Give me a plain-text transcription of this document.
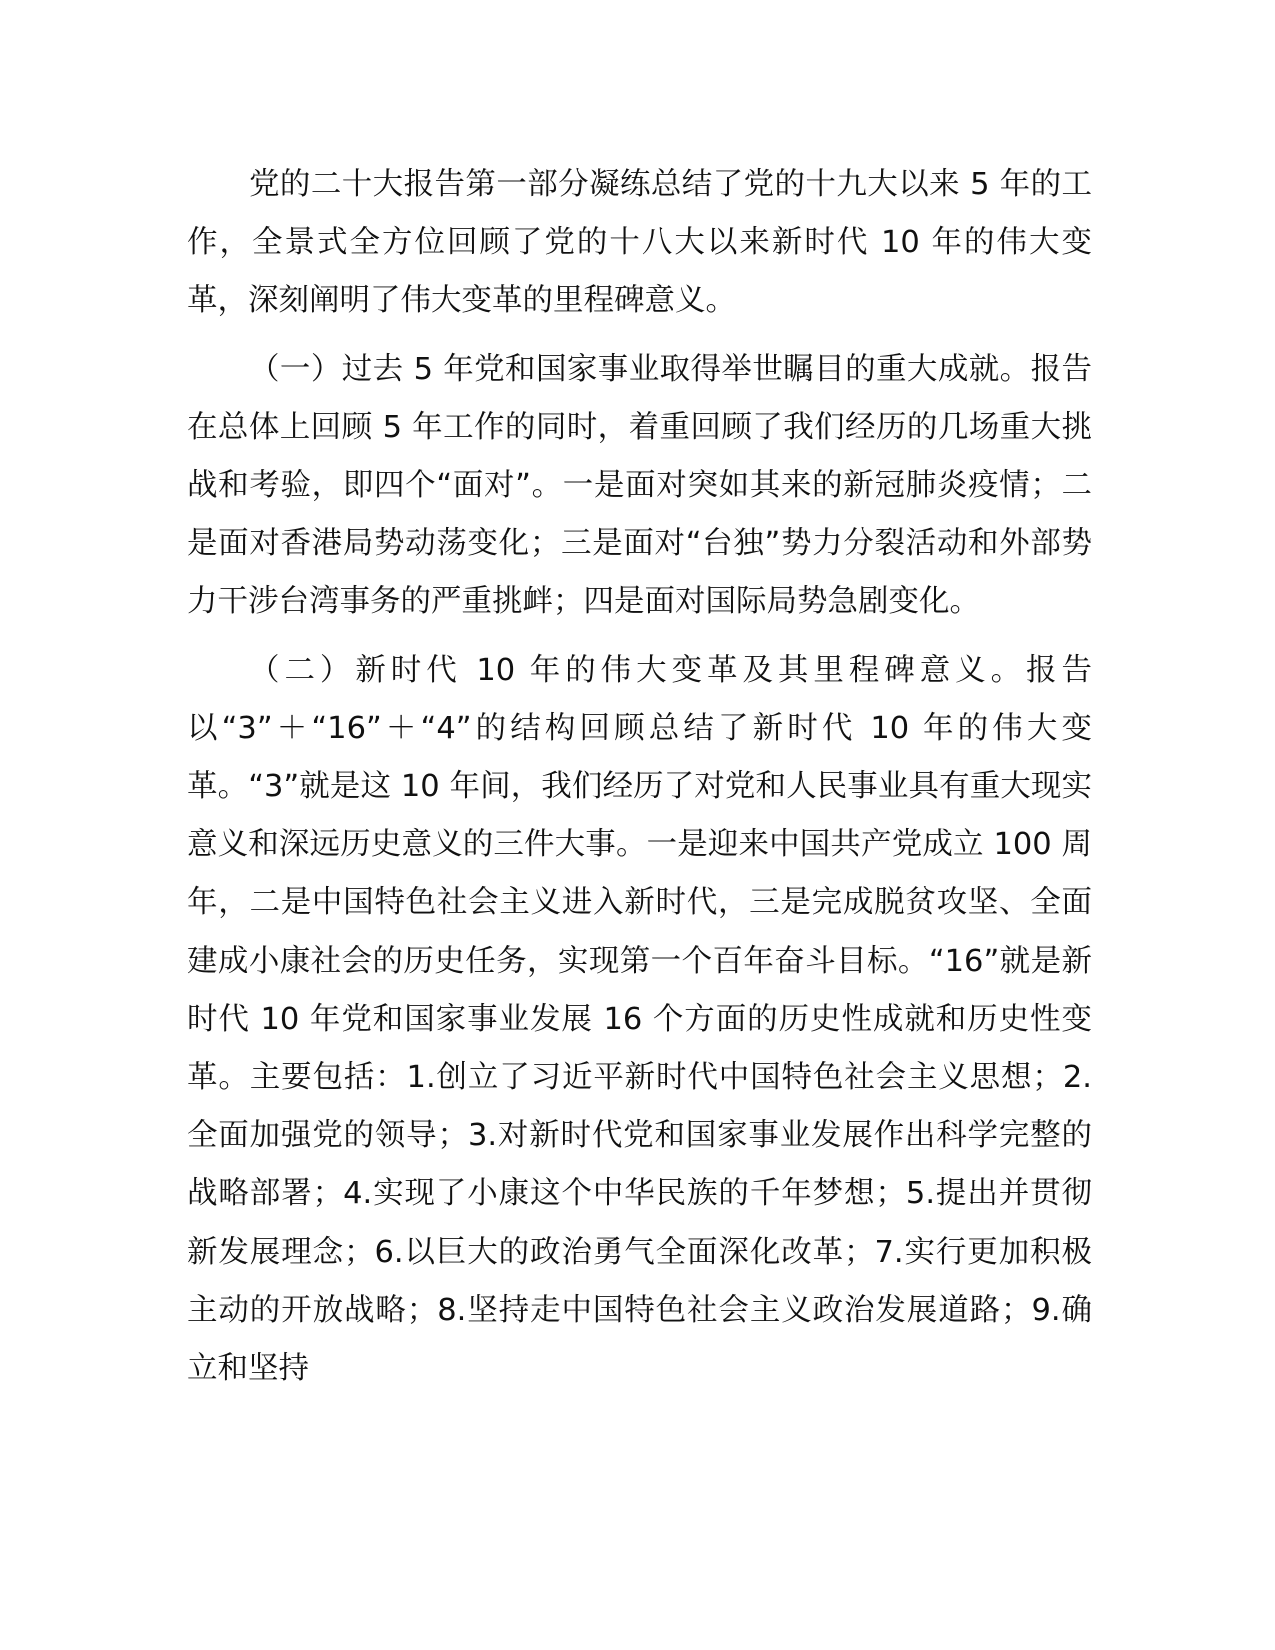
党的二十大报告第一部分凝练总结了党的十九大以来 5 年的工作，全景式全方位回顾了党的十八大以来新时代 10 年的伟大变革，深刻阐明了伟大变革的里程碑意义。

（一）过去 5 年党和国家事业取得举世瞩目的重大成就。报告在总体上回顾 5 年工作的同时，着重回顾了我们经历的几场重大挑战和考验，即四个“面对”。一是面对突如其来的新冠肺炎疫情；二是面对香港局势动荡变化；三是面对“台独”势力分裂活动和外部势力干涉台湾事务的严重挑衅；四是面对国际局势急剧变化。

（二）新时代 10 年的伟大变革及其里程碑意义。报告以“3”＋“16”＋“4”的结构回顾总结了新时代 10 年的伟大变革。“3”就是这 10 年间，我们经历了对党和人民事业具有重大现实意义和深远历史意义的三件大事。一是迎来中国共产党成立 100 周年，二是中国特色社会主义进入新时代，三是完成脱贫攻坚、全面建成小康社会的历史任务，实现第一个百年奋斗目标。“16”就是新时代 10 年党和国家事业发展 16 个方面的历史性成就和历史性变革。主要包括：1.创立了习近平新时代中国特色社会主义思想；2.全面加强党的领导；3.对新时代党和国家事业发展作出科学完整的战略部署；4.实现了小康这个中华民族的千年梦想；5.提出并贯彻新发展理念；6.以巨大的政治勇气全面深化改革；7.实行更加积极主动的开放战略；8.坚持走中国特色社会主义政治发展道路；9.确立和坚持
